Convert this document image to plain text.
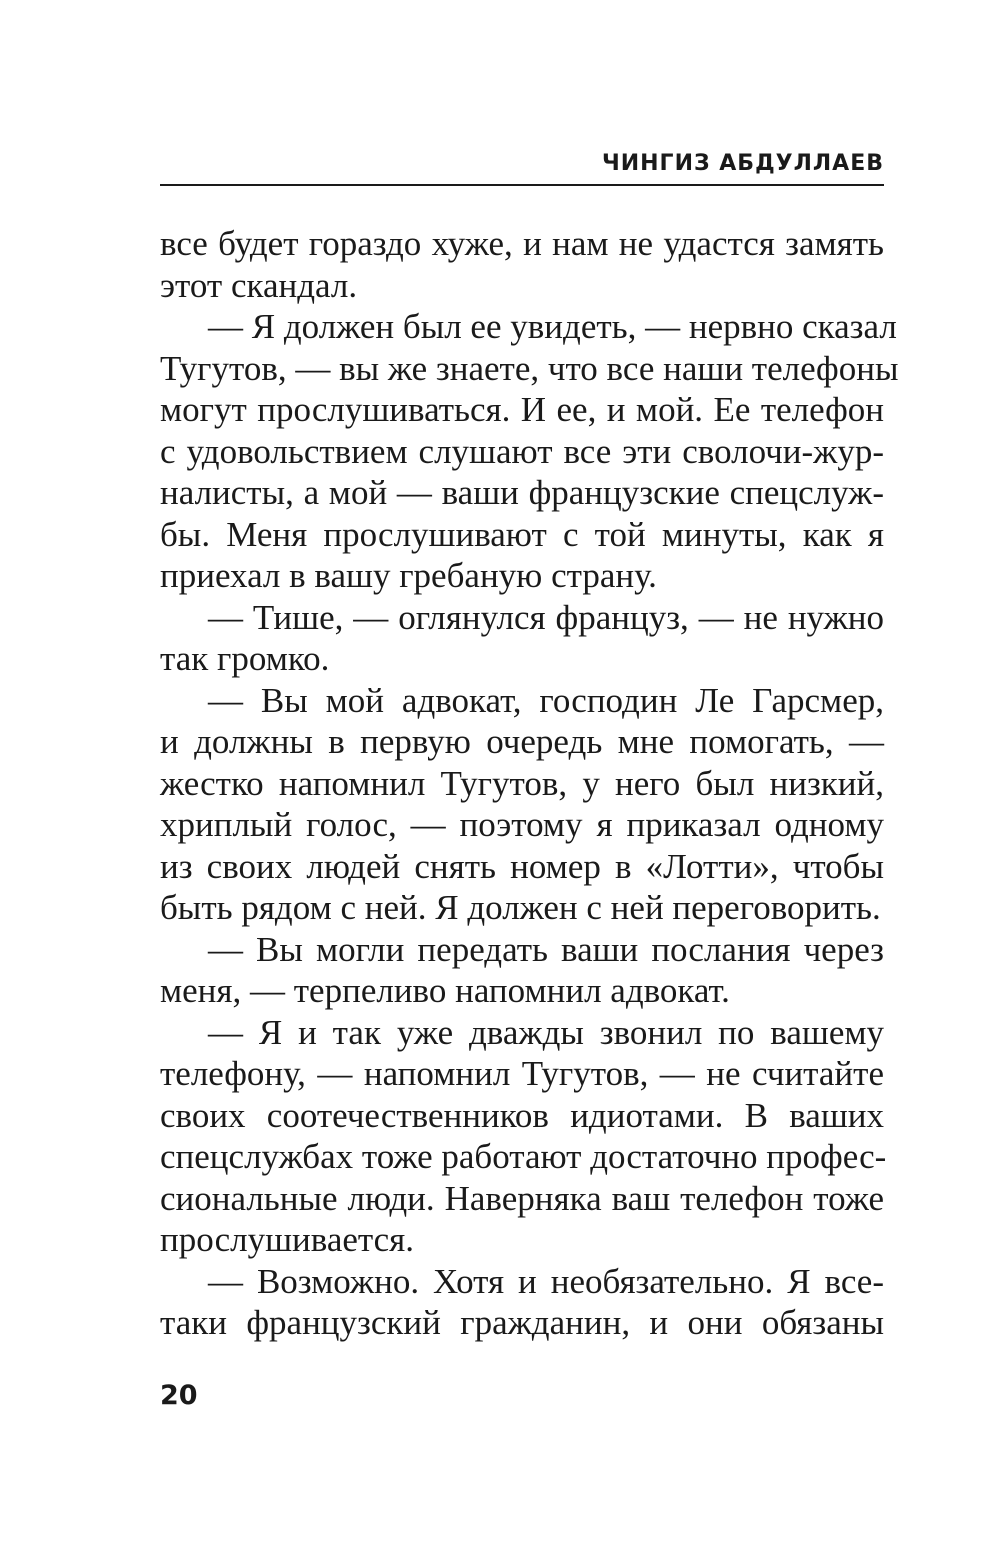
ЧИНГИЗ АБДУЛЛАЕВ
все будет гораздо хуже, и нам не удастся замять
этот скандал.
— Я должен был ее увидеть, — нервно сказал
Тугутов, — вы же знаете, что все наши телефоны
могут прослушиваться. И ее, и мой. Ее телефон
с удовольствием слушают все эти сволочи-жур-
налисты, а мой — ваши французские спецслуж-
бы. Меня прослушивают с той минуты, как я
приехал в вашу гребаную страну.
— Тише, — оглянулся француз, — не нужно
так громко.
— Вы мой адвокат, господин Ле Гарсмер,
и должны в первую очередь мне помогать, —
жестко напомнил Тугутов, у него был низкий,
хриплый голос, — поэтому я приказал одному
из своих людей снять номер в «Лотти», чтобы
быть рядом с ней. Я должен с ней переговорить.
— Вы могли передать ваши послания через
меня, — терпеливо напомнил адвокат.
— Я и так уже дважды звонил по вашему
телефону, — напомнил Тугутов, — не считайте
своих соотечественников идиотами. В ваших
спецслужбах тоже работают достаточно профес-
сиональные люди. Наверняка ваш телефон тоже
прослушивается.
— Возможно. Хотя и необязательно. Я все-
таки французский гражданин, и они обязаны
20
